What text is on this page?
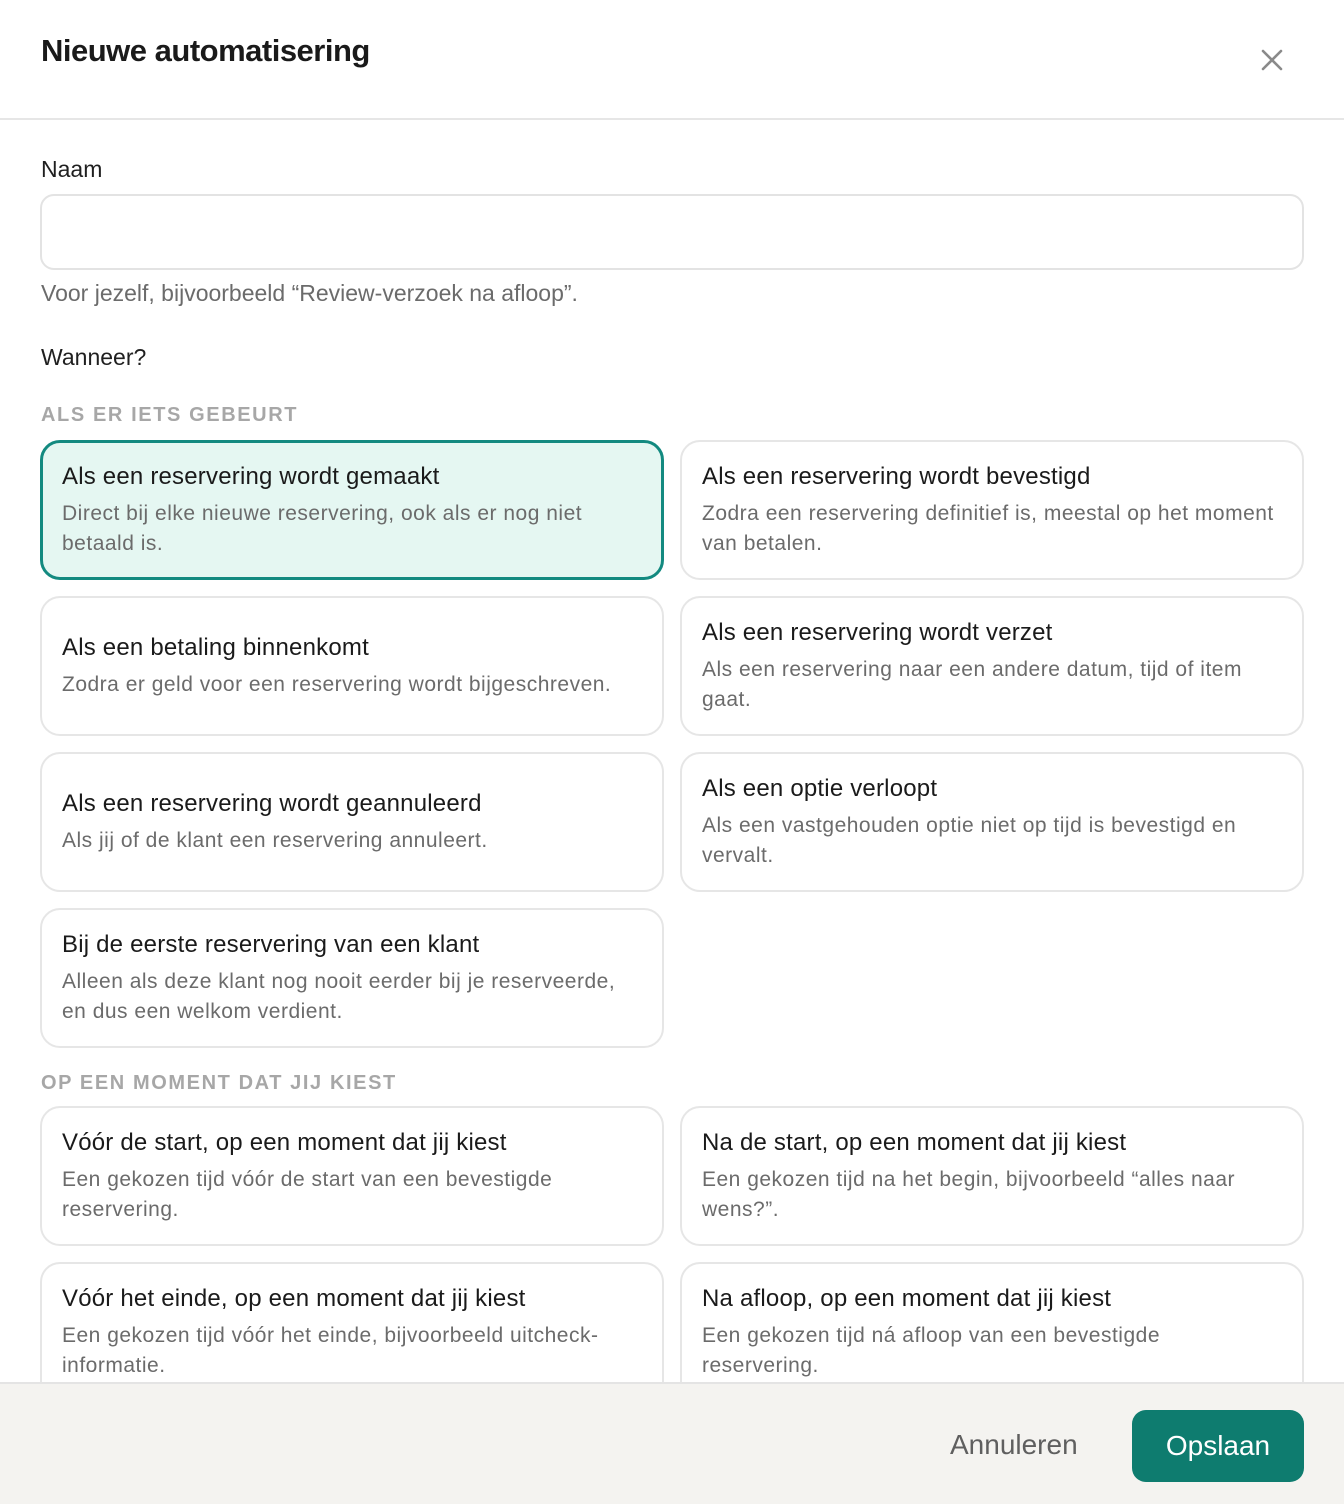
Nieuwe automatisering
Naam
Voor jezelf, bijvoorbeeld “Review-verzoek na afloop”.
Wanneer?
ALS ER IETS GEBEURT
Als een reservering wordt gemaakt
Direct bij elke nieuwe reservering, ook als er nog niet betaald is.
Als een reservering wordt bevestigd
Zodra een reservering definitief is, meestal op het moment van betalen.
Als een betaling binnenkomt
Zodra er geld voor een reservering wordt bijgeschreven.
Als een reservering wordt verzet
Als een reservering naar een andere datum, tijd of item gaat.
Als een reservering wordt geannuleerd
Als jij of de klant een reservering annuleert.
Als een optie verloopt
Als een vastgehouden optie niet op tijd is bevestigd en vervalt.
Bij de eerste reservering van een klant
Alleen als deze klant nog nooit eerder bij je reserveerde, en dus een welkom verdient.
OP EEN MOMENT DAT JIJ KIEST
Vóór de start, op een moment dat jij kiest
Een gekozen tijd vóór de start van een bevestigde reservering.
Na de start, op een moment dat jij kiest
Een gekozen tijd na het begin, bijvoorbeeld “alles naar wens?”.
Vóór het einde, op een moment dat jij kiest
Een gekozen tijd vóór het einde, bijvoorbeeld uitcheck-informatie.
Na afloop, op een moment dat jij kiest
Een gekozen tijd ná afloop van een bevestigde reservering.
Annuleren	Opslaan
